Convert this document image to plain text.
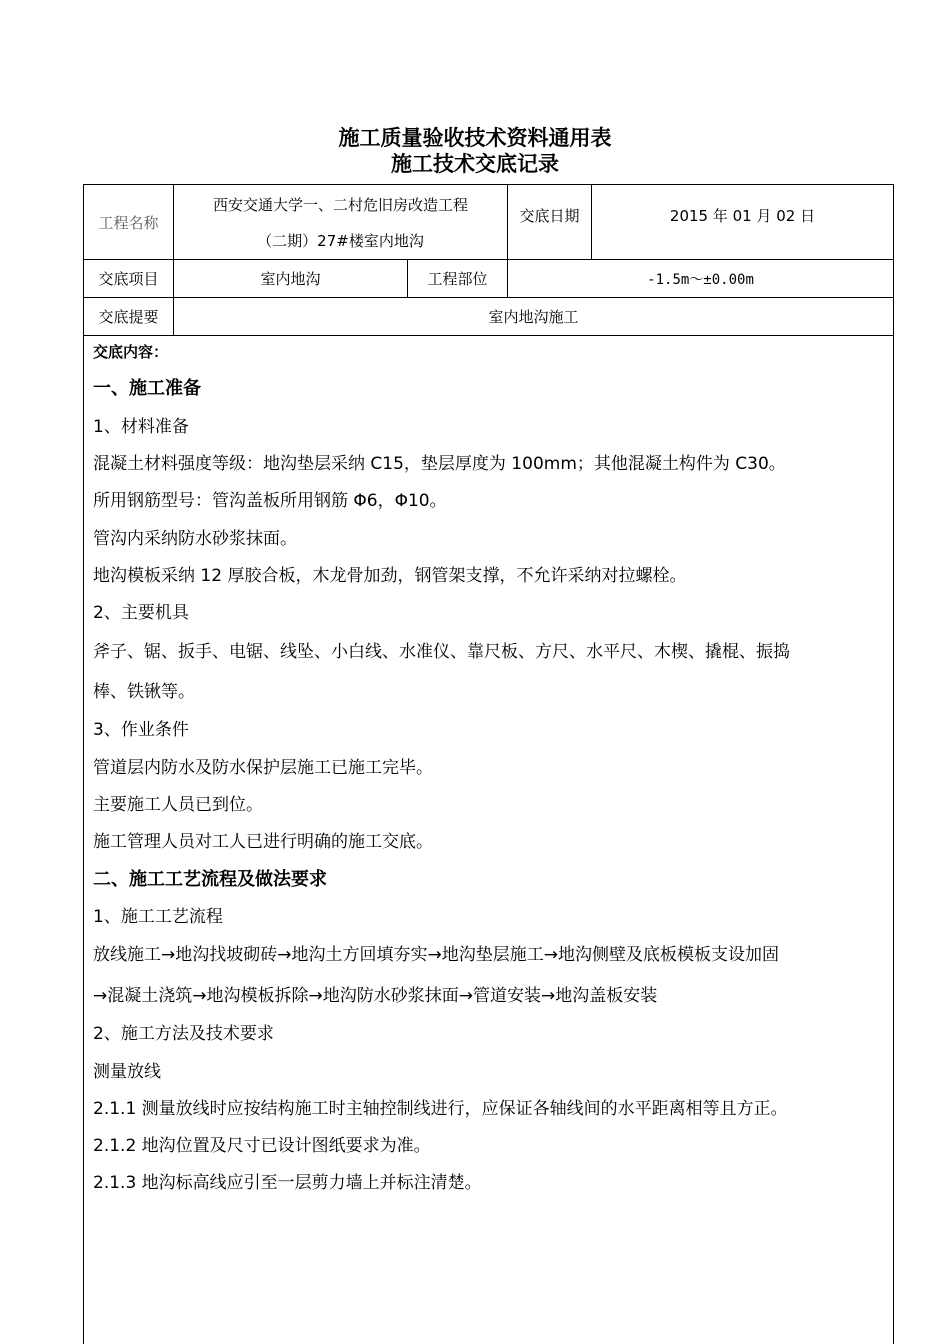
施工质量验收技术资料通用表
施工技术交底记录
工程名称	西安交通大学一、二村危旧房改造工程
（二期）27#楼室内地沟		交底日期	2015 年 01 月 02 日
交底项目	室内地沟	工程部位	-1.5m～±0.00m	
交底提要	室内地沟施工			
交底内容：
一、施工准备
1、材料准备
混凝土材料强度等级：地沟垫层采纳 C15，垫层厚度为 100mm；其他混凝土构件为 C30。
所用钢筋型号：管沟盖板所用钢筋 Φ6，Φ10。
管沟内采纳防水砂浆抹面。
地沟模板采纳 12 厚胶合板，木龙骨加劲，钢管架支撑，不允许采纳对拉螺栓。
2、主要机具
斧子、锯、扳手、电锯、线坠、小白线、水准仪、靠尺板、方尺、水平尺、木楔、撬棍、振捣
棒、铁锹等。
3、作业条件
管道层内防水及防水保护层施工已施工完毕。
主要施工人员已到位。
施工管理人员对工人已进行明确的施工交底。
二、施工工艺流程及做法要求
1、施工工艺流程
放线施工→地沟找坡砌砖→地沟土方回填夯实→地沟垫层施工→地沟侧壁及底板模板支设加固
→混凝土浇筑→地沟模板拆除→地沟防水砂浆抹面→管道安装→地沟盖板安装
2、施工方法及技术要求
测量放线
2.1.1 测量放线时应按结构施工时主轴控制线进行，应保证各轴线间的水平距离相等且方正。
2.1.2 地沟位置及尺寸已设计图纸要求为准。
2.1.3 地沟标高线应引至一层剪力墙上并标注清楚。
